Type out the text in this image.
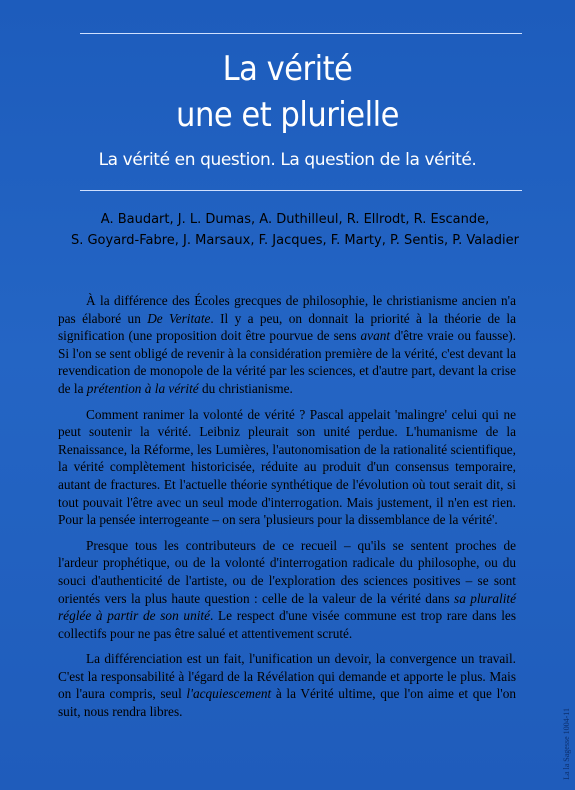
La vérité
une et plurielle
La vérité en question. La question de la vérité.
A. Baudart, J. L. Dumas, A. Duthilleul, R. Ellrodt, R. Escande,
S. Goyard-Fabre, J. Marsaux, F. Jacques, F. Marty, P. Sentis, P. Valadier

À la différence des Écoles grecques de philosophie, le christianisme ancien n'a pas élaboré un De Veritate. Il y a peu, on donnait la priorité à la théorie de la signification (une proposition doit être pourvue de sens avant d'être vraie ou fausse). Si l'on se sent obligé de revenir à la considération première de la vérité, c'est devant la revendication de monopole de la vérité par les sciences, et d'autre part, devant la crise de la prétention à la vérité du christianisme.

Comment ranimer la volonté de vérité ? Pascal appelait 'malingre' celui qui ne peut soutenir la vérité. Leibniz pleurait son unité perdue. L'humanisme de la Renaissance, la Réforme, les Lumières, l'autonomisation de la rationalité scientifique, la vérité complètement historicisée, réduite au produit d'un consensus temporaire, autant de fractures. Et l'actuelle théorie synthétique de l'évolution où tout serait dit, si tout pouvait l'être avec un seul mode d'interrogation. Mais justement, il n'en est rien. Pour la pensée interrogeante – on sera 'plusieurs pour la dissemblance de la vérité'.

Presque tous les contributeurs de ce recueil – qu'ils se sentent proches de l'ardeur prophétique, ou de la volonté d'interrogation radicale du philosophe, ou du souci d'authenticité de l'artiste, ou de l'exploration des sciences positives – se sont orientés vers la plus haute question : celle de la valeur de la vérité dans sa pluralité réglée à partir de son unité. Le respect d'une visée commune est trop rare dans les collectifs pour ne pas être salué et attentivement scruté.

La différenciation est un fait, l'unification un devoir, la convergence un travail. C'est la responsabilité à l'égard de la Révélation qui demande et apporte le plus. Mais on l'aura compris, seul l'acquiescement à la Vérité ultime, que l'on aime et que l'on suit, nous rendra libres.	La la Sagesse 1004-11
